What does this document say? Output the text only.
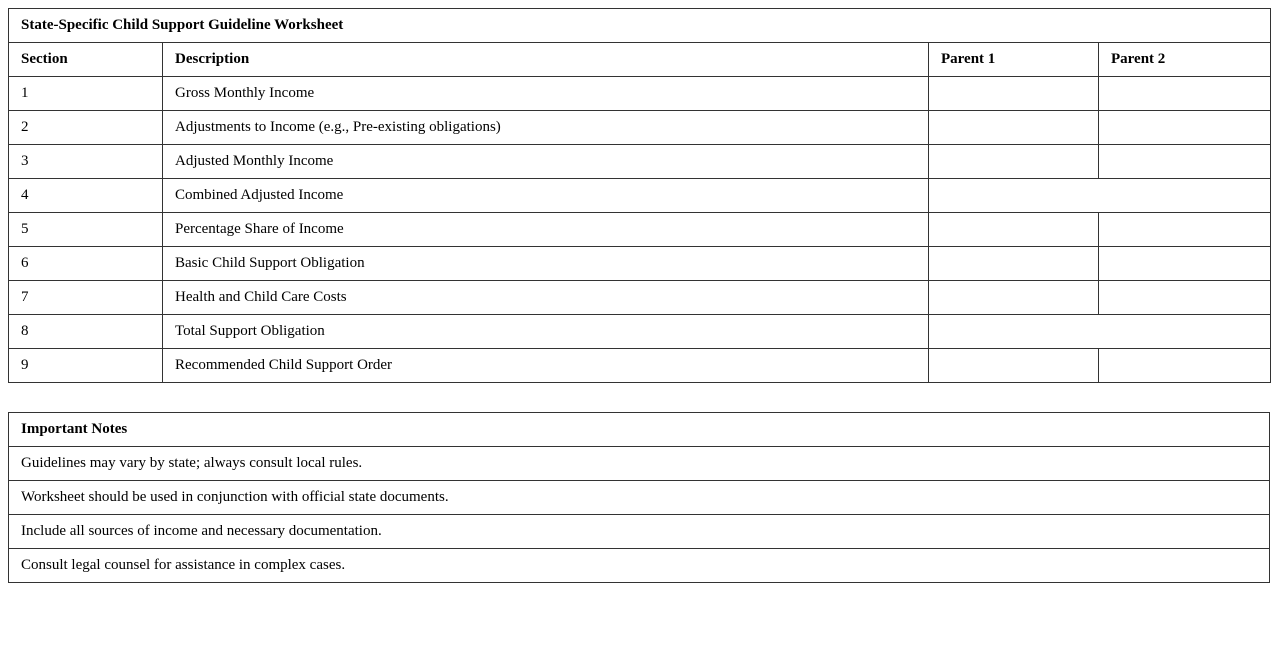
State-Specific Child Support Guideline Worksheet			
Section	Description	Parent 1	Parent 2
1	Gross Monthly Income		
2	Adjustments to Income (e.g., Pre-existing obligations)		
3	Adjusted Monthly Income		
4	Combined Adjusted Income		
5	Percentage Share of Income		
6	Basic Child Support Obligation		
7	Health and Child Care Costs		
8	Total Support Obligation		
9	Recommended Child Support Order		
Important Notes
Guidelines may vary by state; always consult local rules.
Worksheet should be used in conjunction with official state documents.
Include all sources of income and necessary documentation.
Consult legal counsel for assistance in complex cases.
